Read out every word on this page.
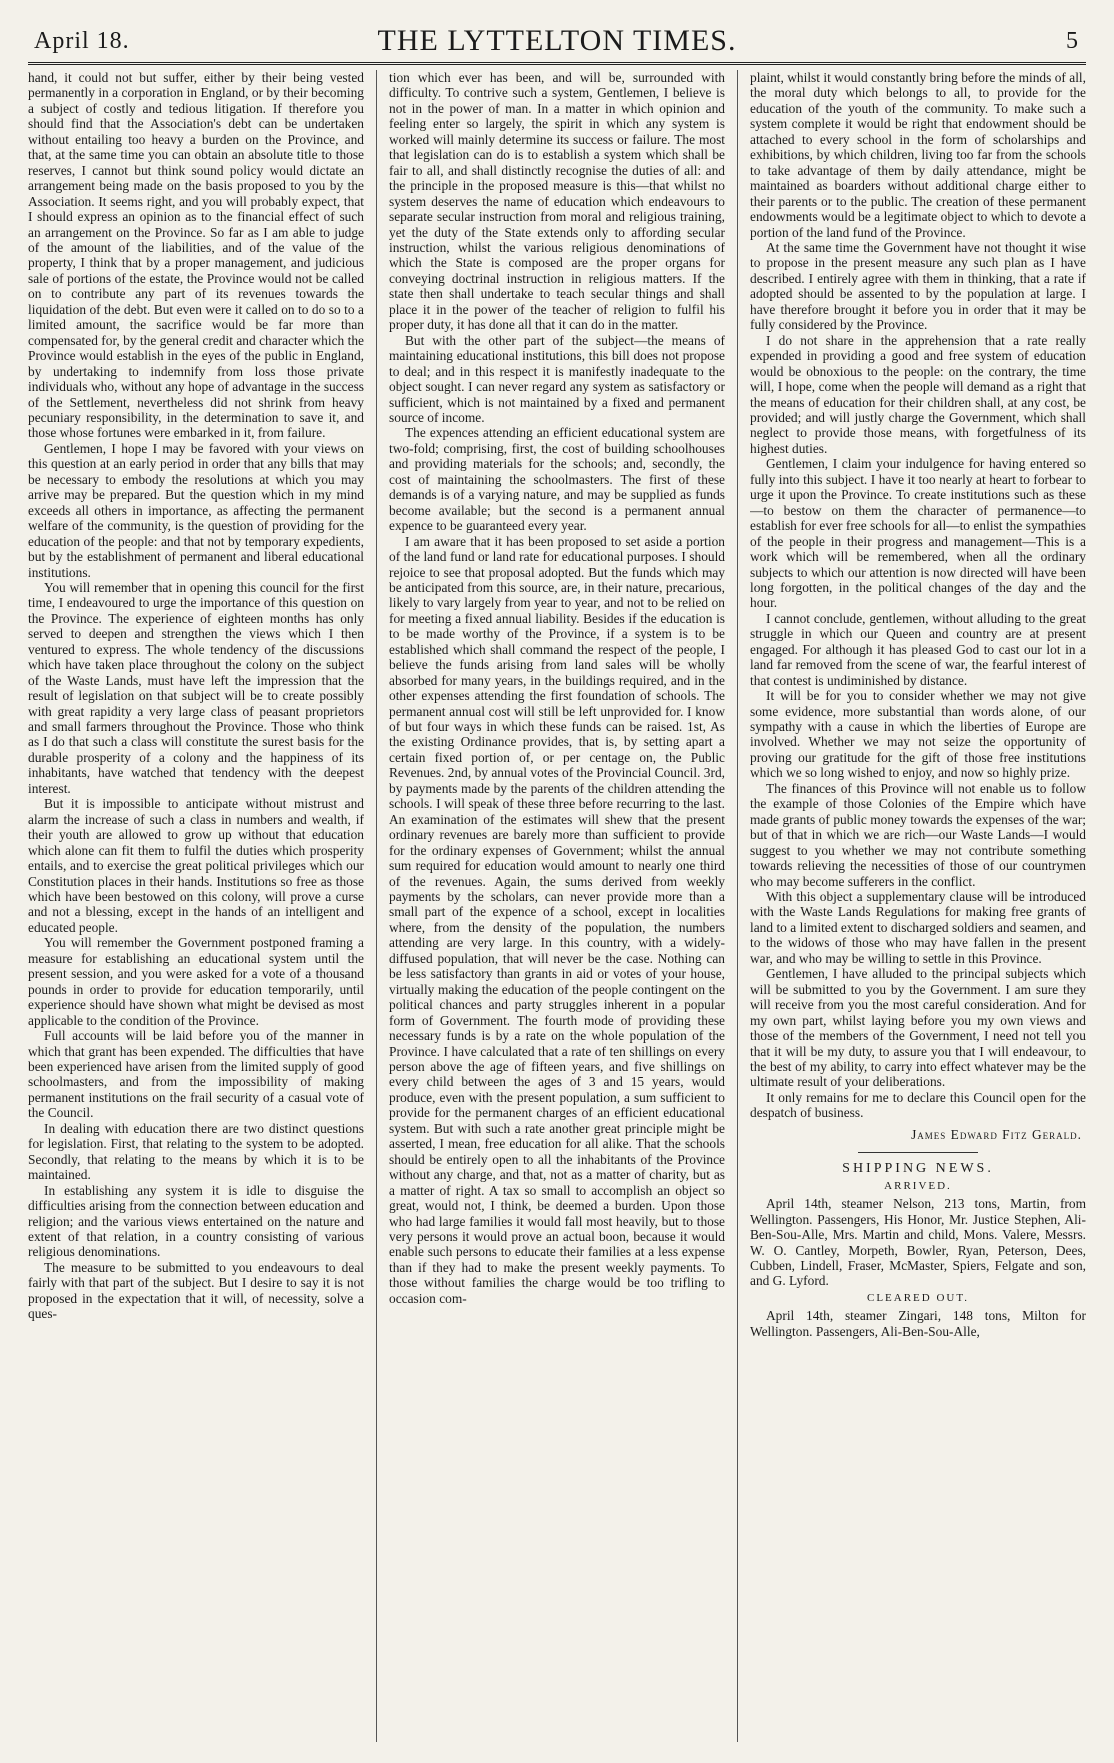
April 18.	THE LYTTELTON TIMES.	5

hand, it could not but suffer, either by their being vested permanently in a corporation in England, or by their becoming a subject of costly and tedious litigation. If therefore you should find that the Association's debt can be undertaken without entailing too heavy a burden on the Province, and that, at the same time you can obtain an absolute title to those reserves, I cannot but think sound policy would dictate an arrangement being made on the basis proposed to you by the Association. It seems right, and you will probably expect, that I should express an opinion as to the financial effect of such an arrangement on the Province. So far as I am able to judge of the amount of the liabilities, and of the value of the property, I think that by a proper management, and judicious sale of portions of the estate, the Province would not be called on to contribute any part of its revenues towards the liquidation of the debt. But even were it called on to do so to a limited amount, the sacrifice would be far more than compensated for, by the general credit and character which the Province would establish in the eyes of the public in England, by undertaking to indemnify from loss those private individuals who, without any hope of advantage in the success of the Settlement, nevertheless did not shrink from heavy pecuniary responsibility, in the determination to save it, and those whose fortunes were embarked in it, from failure.

Gentlemen, I hope I may be favored with your views on this question at an early period in order that any bills that may be necessary to embody the resolutions at which you may arrive may be prepared. But the question which in my mind exceeds all others in importance, as affecting the permanent welfare of the community, is the question of providing for the education of the people: and that not by temporary expedients, but by the establishment of permanent and liberal educational institutions.

You will remember that in opening this council for the first time, I endeavoured to urge the importance of this question on the Province. The experience of eighteen months has only served to deepen and strengthen the views which I then ventured to express. The whole tendency of the discussions which have taken place throughout the colony on the subject of the Waste Lands, must have left the impression that the result of legislation on that subject will be to create possibly with great rapidity a very large class of peasant proprietors and small farmers throughout the Province. Those who think as I do that such a class will constitute the surest basis for the durable prosperity of a colony and the happiness of its inhabitants, have watched that tendency with the deepest interest.

But it is impossible to anticipate without mistrust and alarm the increase of such a class in numbers and wealth, if their youth are allowed to grow up without that education which alone can fit them to fulfil the duties which prosperity entails, and to exercise the great political privileges which our Constitution places in their hands. Institutions so free as those which have been bestowed on this colony, will prove a curse and not a blessing, except in the hands of an intelligent and educated people.

You will remember the Government postponed framing a measure for establishing an educational system until the present session, and you were asked for a vote of a thousand pounds in order to provide for education temporarily, until experience should have shown what might be devised as most applicable to the condition of the Province.

Full accounts will be laid before you of the manner in which that grant has been expended. The difficulties that have been experienced have arisen from the limited supply of good schoolmasters, and from the impossibility of making permanent institutions on the frail security of a casual vote of the Council.

In dealing with education there are two distinct questions for legislation. First, that relating to the system to be adopted. Secondly, that relating to the means by which it is to be maintained.

In establishing any system it is idle to disguise the difficulties arising from the connection between education and religion; and the various views entertained on the nature and extent of that relation, in a country consisting of various religious denominations.

The measure to be submitted to you endeavours to deal fairly with that part of the subject. But I desire to say it is not proposed in the expectation that it will, of necessity, solve a ques-

tion which ever has been, and will be, surrounded with difficulty. To contrive such a system, Gentlemen, I believe is not in the power of man. In a matter in which opinion and feeling enter so largely, the spirit in which any system is worked will mainly determine its success or failure. The most that legislation can do is to establish a system which shall be fair to all, and shall distinctly recognise the duties of all: and the principle in the proposed measure is this—that whilst no system deserves the name of education which endeavours to separate secular instruction from moral and religious training, yet the duty of the State extends only to affording secular instruction, whilst the various religious denominations of which the State is composed are the proper organs for conveying doctrinal instruction in religious matters. If the state then shall undertake to teach secular things and shall place it in the power of the teacher of religion to fulfil his proper duty, it has done all that it can do in the matter.

But with the other part of the subject—the means of maintaining educational institutions, this bill does not propose to deal; and in this respect it is manifestly inadequate to the object sought. I can never regard any system as satisfactory or sufficient, which is not maintained by a fixed and permanent source of income.

The expences attending an efficient educational system are two-fold; comprising, first, the cost of building schoolhouses and providing materials for the schools; and, secondly, the cost of maintaining the schoolmasters. The first of these demands is of a varying nature, and may be supplied as funds become available; but the second is a permanent annual expence to be guaranteed every year.

I am aware that it has been proposed to set aside a portion of the land fund or land rate for educational purposes. I should rejoice to see that proposal adopted. But the funds which may be anticipated from this source, are, in their nature, precarious, likely to vary largely from year to year, and not to be relied on for meeting a fixed annual liability. Besides if the education is to be made worthy of the Province, if a system is to be established which shall command the respect of the people, I believe the funds arising from land sales will be wholly absorbed for many years, in the buildings required, and in the other expenses attending the first foundation of schools. The permanent annual cost will still be left unprovided for. I know of but four ways in which these funds can be raised. 1st, As the existing Ordinance provides, that is, by setting apart a certain fixed portion of, or per centage on, the Public Revenues. 2nd, by annual votes of the Provincial Council. 3rd, by payments made by the parents of the children attending the schools. I will speak of these three before recurring to the last. An examination of the estimates will shew that the present ordinary revenues are barely more than sufficient to provide for the ordinary expenses of Government; whilst the annual sum required for education would amount to nearly one third of the revenues. Again, the sums derived from weekly payments by the scholars, can never provide more than a small part of the expence of a school, except in localities where, from the density of the population, the numbers attending are very large. In this country, with a widely-diffused population, that will never be the case. Nothing can be less satisfactory than grants in aid or votes of your house, virtually making the education of the people contingent on the political chances and party struggles inherent in a popular form of Government. The fourth mode of providing these necessary funds is by a rate on the whole population of the Province. I have calculated that a rate of ten shillings on every person above the age of fifteen years, and five shillings on every child between the ages of 3 and 15 years, would produce, even with the present population, a sum sufficient to provide for the permanent charges of an efficient educational system. But with such a rate another great principle might be asserted, I mean, free education for all alike. That the schools should be entirely open to all the inhabitants of the Province without any charge, and that, not as a matter of charity, but as a matter of right. A tax so small to accomplish an object so great, would not, I think, be deemed a burden. Upon those who had large families it would fall most heavily, but to those very persons it would prove an actual boon, because it would enable such persons to educate their families at a less expense than if they had to make the present weekly payments. To those without families the charge would be too trifling to occasion com-

plaint, whilst it would constantly bring before the minds of all, the moral duty which belongs to all, to provide for the education of the youth of the community. To make such a system complete it would be right that endowment should be attached to every school in the form of scholarships and exhibitions, by which children, living too far from the schools to take advantage of them by daily attendance, might be maintained as boarders without additional charge either to their parents or to the public. The creation of these permanent endowments would be a legitimate object to which to devote a portion of the land fund of the Province.

At the same time the Government have not thought it wise to propose in the present measure any such plan as I have described. I entirely agree with them in thinking, that a rate if adopted should be assented to by the population at large. I have therefore brought it before you in order that it may be fully considered by the Province.

I do not share in the apprehension that a rate really expended in providing a good and free system of education would be obnoxious to the people: on the contrary, the time will, I hope, come when the people will demand as a right that the means of education for their children shall, at any cost, be provided; and will justly charge the Government, which shall neglect to provide those means, with forgetfulness of its highest duties.

Gentlemen, I claim your indulgence for having entered so fully into this subject. I have it too nearly at heart to forbear to urge it upon the Province. To create institutions such as these—to bestow on them the character of permanence—to establish for ever free schools for all—to enlist the sympathies of the people in their progress and management—This is a work which will be remembered, when all the ordinary subjects to which our attention is now directed will have been long forgotten, in the political changes of the day and the hour.

I cannot conclude, gentlemen, without alluding to the great struggle in which our Queen and country are at present engaged. For although it has pleased God to cast our lot in a land far removed from the scene of war, the fearful interest of that contest is undiminished by distance.

It will be for you to consider whether we may not give some evidence, more substantial than words alone, of our sympathy with a cause in which the liberties of Europe are involved. Whether we may not seize the opportunity of proving our gratitude for the gift of those free institutions which we so long wished to enjoy, and now so highly prize.

The finances of this Province will not enable us to follow the example of those Colonies of the Empire which have made grants of public money towards the expenses of the war; but of that in which we are rich—our Waste Lands—I would suggest to you whether we may not contribute something towards relieving the necessities of those of our countrymen who may become sufferers in the conflict.

With this object a supplementary clause will be introduced with the Waste Lands Regulations for making free grants of land to a limited extent to discharged soldiers and seamen, and to the widows of those who may have fallen in the present war, and who may be willing to settle in this Province.

Gentlemen, I have alluded to the principal subjects which will be submitted to you by the Government. I am sure they will receive from you the most careful consideration. And for my own part, whilst laying before you my own views and those of the members of the Government, I need not tell you that it will be my duty, to assure you that I will endeavour, to the best of my ability, to carry into effect whatever may be the ultimate result of your deliberations.

It only remains for me to declare this Council open for the despatch of business.

James Edward Fitz Gerald.
SHIPPING NEWS.
ARRIVED.

April 14th, steamer Nelson, 213 tons, Martin, from Wellington. Passengers, His Honor, Mr. Justice Stephen, Ali-Ben-Sou-Alle, Mrs. Martin and child, Mons. Valere, Messrs. W. O. Cantley, Morpeth, Bowler, Ryan, Peterson, Dees, Cubben, Lindell, Fraser, McMaster, Spiers, Felgate and son, and G. Lyford.

CLEARED OUT.

April 14th, steamer Zingari, 148 tons, Milton for Wellington. Passengers, Ali-Ben-Sou-Alle,
